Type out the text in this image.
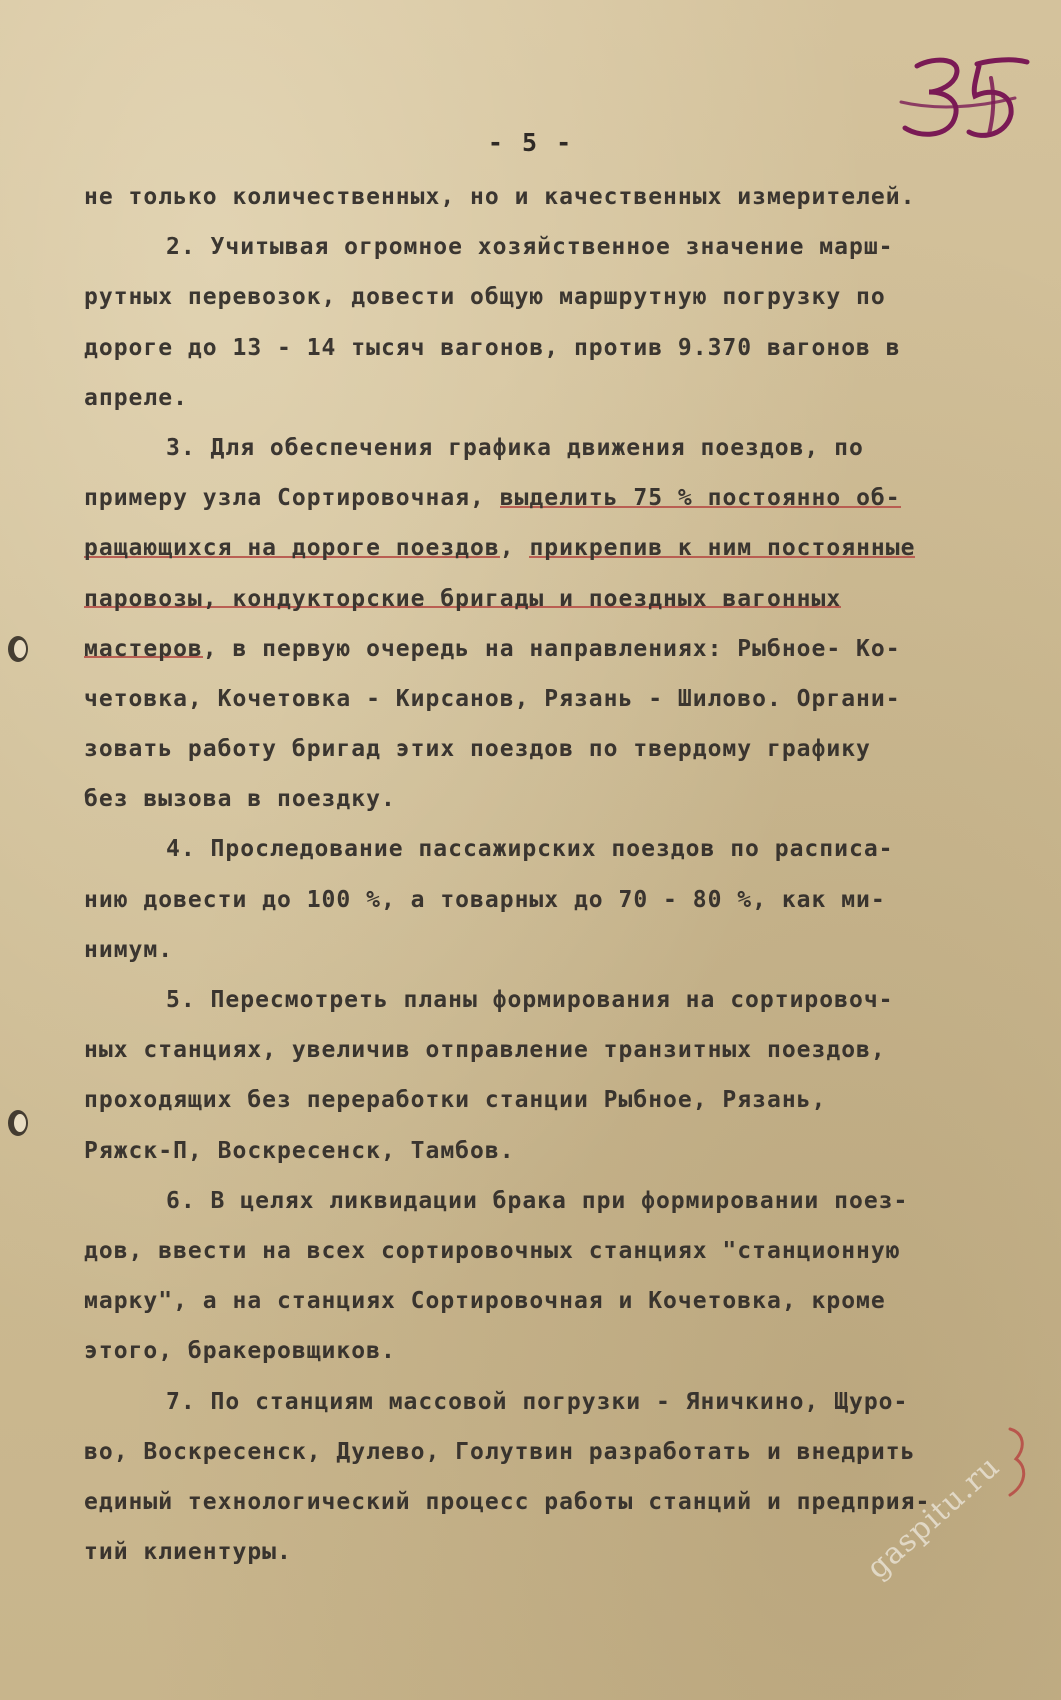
- 5 -
не только количественных, но и качественных измерителей.
2. Учитывая огромное хозяйственное значение марш-
рутных перевозок, довести общую маршрутную погрузку по
дороге до 13 - 14 тысяч вагонов, против 9.370 вагонов в
апреле.
3. Для обеспечения графика движения поездов, по
примеру узла Сортировочная, выделить 75 % постоянно об-
ращающихся на дороге поездов, прикрепив к ним постоянные
паровозы, кондукторские бригады и поездных вагонных
мастеров, в первую очередь на направлениях: Рыбное- Ко-
четовка, Кочетовка - Кирсанов, Рязань - Шилово. Органи-
зовать работу бригад этих поездов по твердому графику
без вызова в поездку.
4. Проследование пассажирских поездов по расписа-
нию довести до 100 %, а товарных до 70 - 80 %, как ми-
нимум.
5. Пересмотреть планы формирования на сортировоч-
ных станциях, увеличив отправление транзитных поездов,
проходящих без переработки станции Рыбное, Рязань,
Ряжск-П, Воскресенск, Тамбов.
6. В целях ликвидации брака при формировании поез-
дов, ввести на всех сортировочных станциях "станционную
марку", а на станциях Сортировочная и Кочетовка, кроме
этого, бракеровщиков.
7. По станциям массовой погрузки - Яничкино, Щуро-
во, Воскресенск, Дулево, Голутвин разработать и внедрить
единый технологический процесс работы станций и предприя-
тий клиентуры.	gaspitu.ru
